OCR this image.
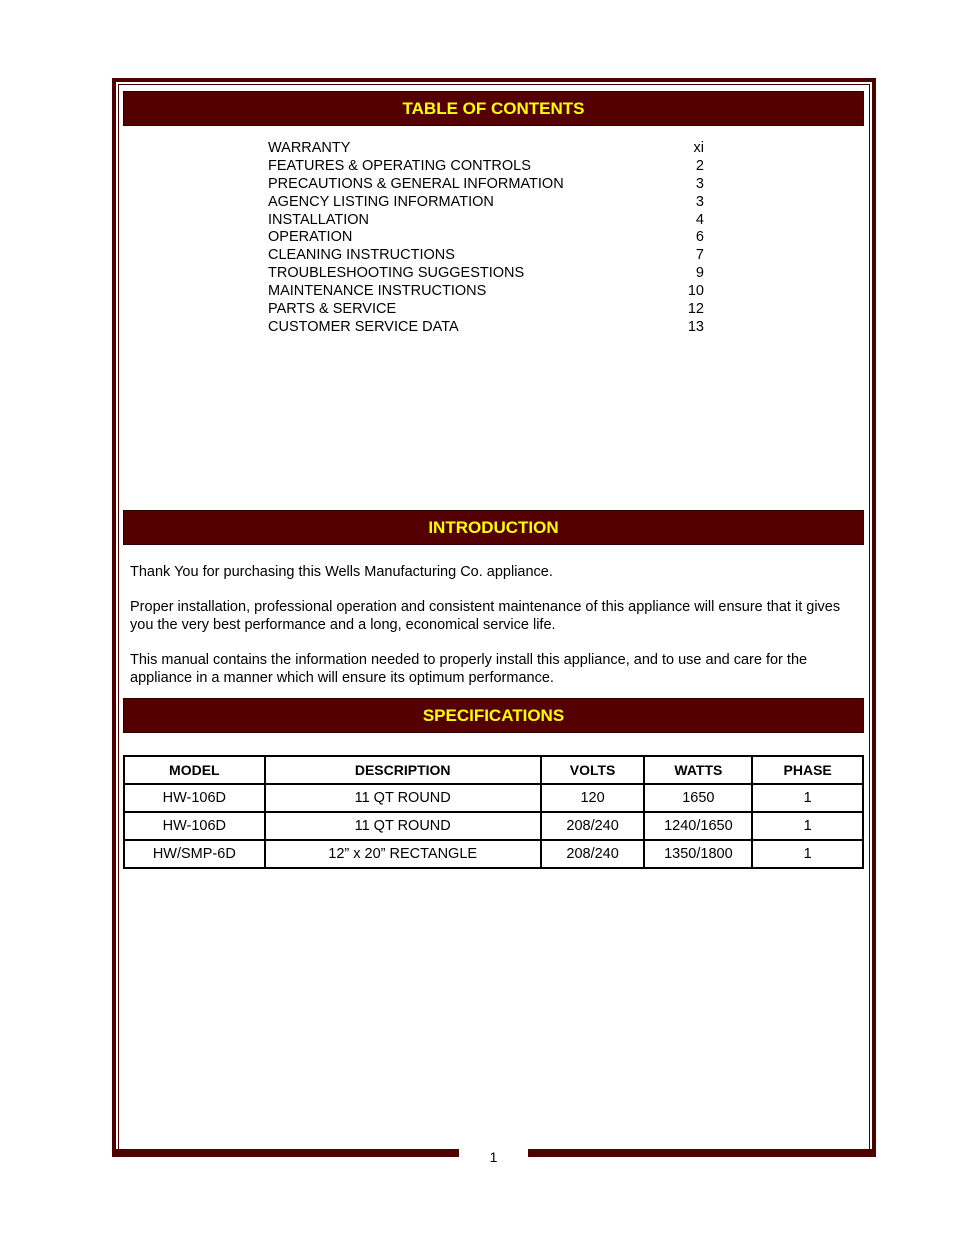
1
TABLE OF CONTENTS
WARRANTY	xi
FEATURES & OPERATING CONTROLS	2
PRECAUTIONS & GENERAL INFORMATION	3
AGENCY LISTING INFORMATION	3
INSTALLATION	4
OPERATION	6
CLEANING INSTRUCTIONS	7
TROUBLESHOOTING SUGGESTIONS	9
MAINTENANCE INSTRUCTIONS	10
PARTS & SERVICE	12
CUSTOMER SERVICE DATA	13
INTRODUCTION

Thank You for purchasing this Wells Manufacturing Co. appliance.

Proper installation, professional operation and consistent maintenance of this appliance will ensure that it gives you the very best performance and a long, economical service life.

This manual contains the information needed to properly install this appliance, and to use and care for the appliance in a manner which will ensure its optimum performance.

SPECIFICATIONS
MODEL	DESCRIPTION	VOLTS	WATTS	PHASE
HW-106D	11 QT ROUND	120	1650	1
HW-106D	11 QT ROUND	208/240	1240/1650	1
HW/SMP-6D	12” x 20” RECTANGLE	208/240	1350/1800	1
